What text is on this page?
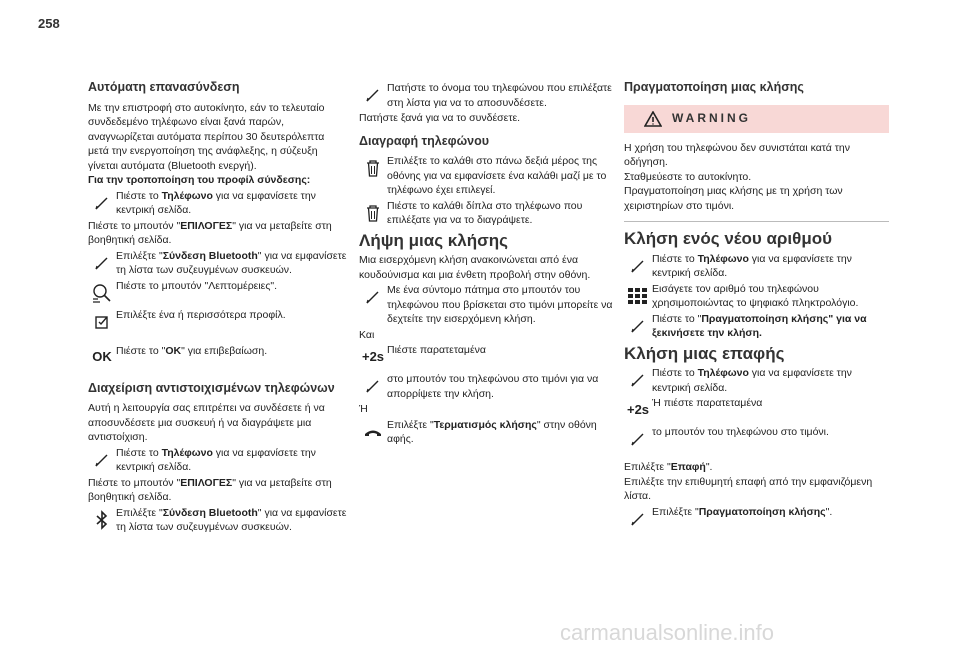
258
Αυτόματη επανασύνδεση

Με την επιστροφή στο αυτοκίνητο, εάν το τελευταίο συνδεδεμένο τηλέφωνο είναι ξανά παρών, αναγνωρίζεται αυτόματα περίπου 30 δευτερόλεπτα μετά την ενεργοποίηση της ανάφλεξης, η σύζευξη γίνεται αυτόματα (Bluetooth ενεργή).

Για την τροποποίηση του προφίλ σύνδεσης:

Πιέστε το Τηλέφωνο για να εμφανίσετε την κεντρική σελίδα.

Πιέστε το μπουτόν "ΕΠΙΛΟΓΕΣ" για να μεταβείτε στη βοηθητική σελίδα.

Επιλέξτε "Σύνδεση Bluetooth" για να εμφανίσετε τη λίστα των συζευγμένων συσκευών.
Πιέστε το μπουτόν "Λεπτομέρειες".
Επιλέξτε ένα ή περισσότερα προφίλ.
OK Πιέστε το "OK" για επιβεβαίωση.
Διαχείριση αντιστοιχισμένων τηλεφώνων

Αυτή η λειτουργία σας επιτρέπει να συνδέσετε ή να αποσυνδέσετε μια συσκευή ή να διαγράψετε μια αντιστοίχιση.

Πιέστε το Τηλέφωνο για να εμφανίσετε την κεντρική σελίδα.

Πιέστε το μπουτόν "ΕΠΙΛΟΓΕΣ" για να μεταβείτε στη βοηθητική σελίδα.

Επιλέξτε "Σύνδεση Bluetooth" για να εμφανίσετε τη λίστα των συζευγμένων συσκευών.
Πατήστε το όνομα του τηλεφώνου που επιλέξατε στη λίστα για να το αποσυνδέσετε.

Πατήστε ξανά για να το συνδέσετε.

Διαγραφή τηλεφώνου
Επιλέξτε το καλάθι στο πάνω δεξιά μέρος της οθόνης για να εμφανίσετε ένα καλάθι μαζί με το τηλέφωνο έχει επιλεγεί.
Πιέστε το καλάθι δίπλα στο τηλέφωνο που επιλέξατε για να το διαγράψετε.
Λήψη μιας κλήσης

Μια εισερχόμενη κλήση ανακοινώνεται από ένα κουδούνισμα και μια ένθετη προβολή στην οθόνη.

Με ένα σύντομο πάτημα στο μπουτόν του τηλεφώνου που βρίσκεται στο τιμόνι μπορείτε να δεχτείτε την εισερχόμενη κλήση.

Και

+2s Πιέστε παρατεταμένα
στο μπουτόν του τηλεφώνου στο τιμόνι για να απορρίψετε την κλήση.

Ή

Επιλέξτε "Τερματισμός κλήσης" στην οθόνη αφής.
Πραγματοποίηση μιας κλήσης
WARNING

Η χρήση του τηλεφώνου δεν συνιστάται κατά την οδήγηση.
Σταθμεύεστε το αυτοκίνητο.
Πραγματοποίηση μιας κλήσης με τη χρήση των χειριστηρίων στο τιμόνι.

Κλήση ενός νέου αριθμού
Πιέστε το Τηλέφωνο για να εμφανίσετε την κεντρική σελίδα.
Εισάγετε τον αριθμό του τηλεφώνου χρησιμοποιώντας το ψηφιακό πληκτρολόγιο.
Πιέστε το "Πραγματοποίηση κλήσης" για να ξεκινήσετε την κλήση.
Κλήση μιας επαφής
Πιέστε το Τηλέφωνο για να εμφανίσετε την κεντρική σελίδα.
+2s Ή πιέστε παρατεταμένα
το μπουτόν του τηλεφώνου στο τιμόνι.

Επιλέξτε "Επαφή".

Επιλέξτε την επιθυμητή επαφή από την εμφανιζόμενη λίστα.

Επιλέξτε "Πραγματοποίηση κλήσης".
carmanualsonline.info
